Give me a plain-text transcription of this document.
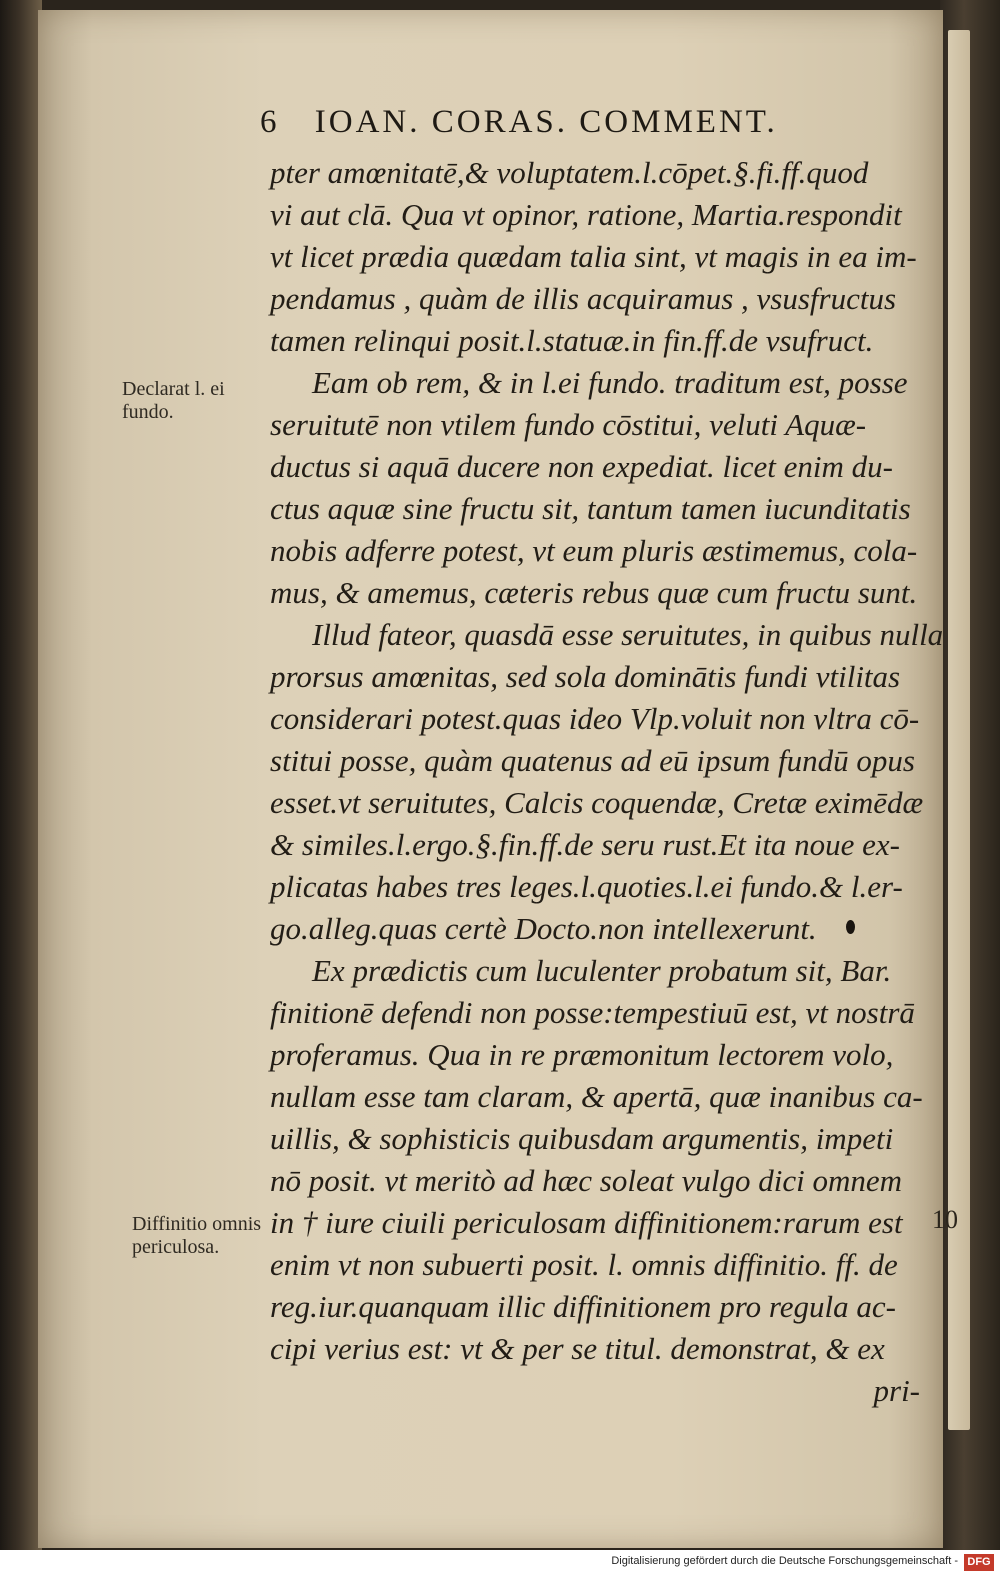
6 IOAN. CORAS. COMMENT.
Declarat l. ei fundo.
Diffinitio omnis periculosa.
pter amœnitatē,& voluptatem.l.cōpet.§.fi.ff.quod
vi aut clā. Qua vt opinor, ratione, Martia.respondit
vt licet prædia quædam talia sint, vt magis in ea im-
pendamus , quàm de illis acquiramus , vsusfructus
tamen relinqui posit.l.statuæ.in fin.ff.de vsufruct.
Eam ob rem, & in l.ei fundo. traditum est, posse
seruitutē non vtilem fundo cōstitui, veluti Aquæ-
ductus si aquā ducere non expediat. licet enim du-
ctus aquæ sine fructu sit, tantum tamen iucunditatis
nobis adferre potest, vt eum pluris æstimemus, cola-
mus, & amemus, cæteris rebus quæ cum fructu sunt.
Illud fateor, quasdā esse seruitutes, in quibus nulla
prorsus amœnitas, sed sola dominātis fundi vtilitas
considerari potest.quas ideo Vlp.voluit non vltra cō-
stitui posse, quàm quatenus ad eū ipsum fundū opus
esset.vt seruitutes, Calcis coquendæ, Cretæ eximēdæ
& similes.l.ergo.§.fin.ff.de seru rust.Et ita noue ex-
plicatas habes tres leges.l.quoties.l.ei fundo.& l.er-
go.alleg.quas certè Docto.non intellexerunt.
Ex prædictis cum luculenter probatum sit, Bar.
finitionē defendi non posse:tempestiuū est, vt nostrā
proferamus. Qua in re præmonitum lectorem volo,
nullam esse tam claram, & apertā, quæ inanibus ca-
uillis, & sophisticis quibusdam argumentis, impeti
nō posit. vt meritò ad hæc soleat vulgo dici omnem
in † iure ciuili periculosam diffinitionem:rarum est
enim vt non subuerti posit. l. omnis diffinitio. ff. de
reg.iur.quanquam illic diffinitionem pro regula ac-
cipi verius est: vt & per se titul. demonstrat, & ex
pri-
10
Digitalisierung gefördert durch die Deutsche Forschungsgemeinschaft - DFG
